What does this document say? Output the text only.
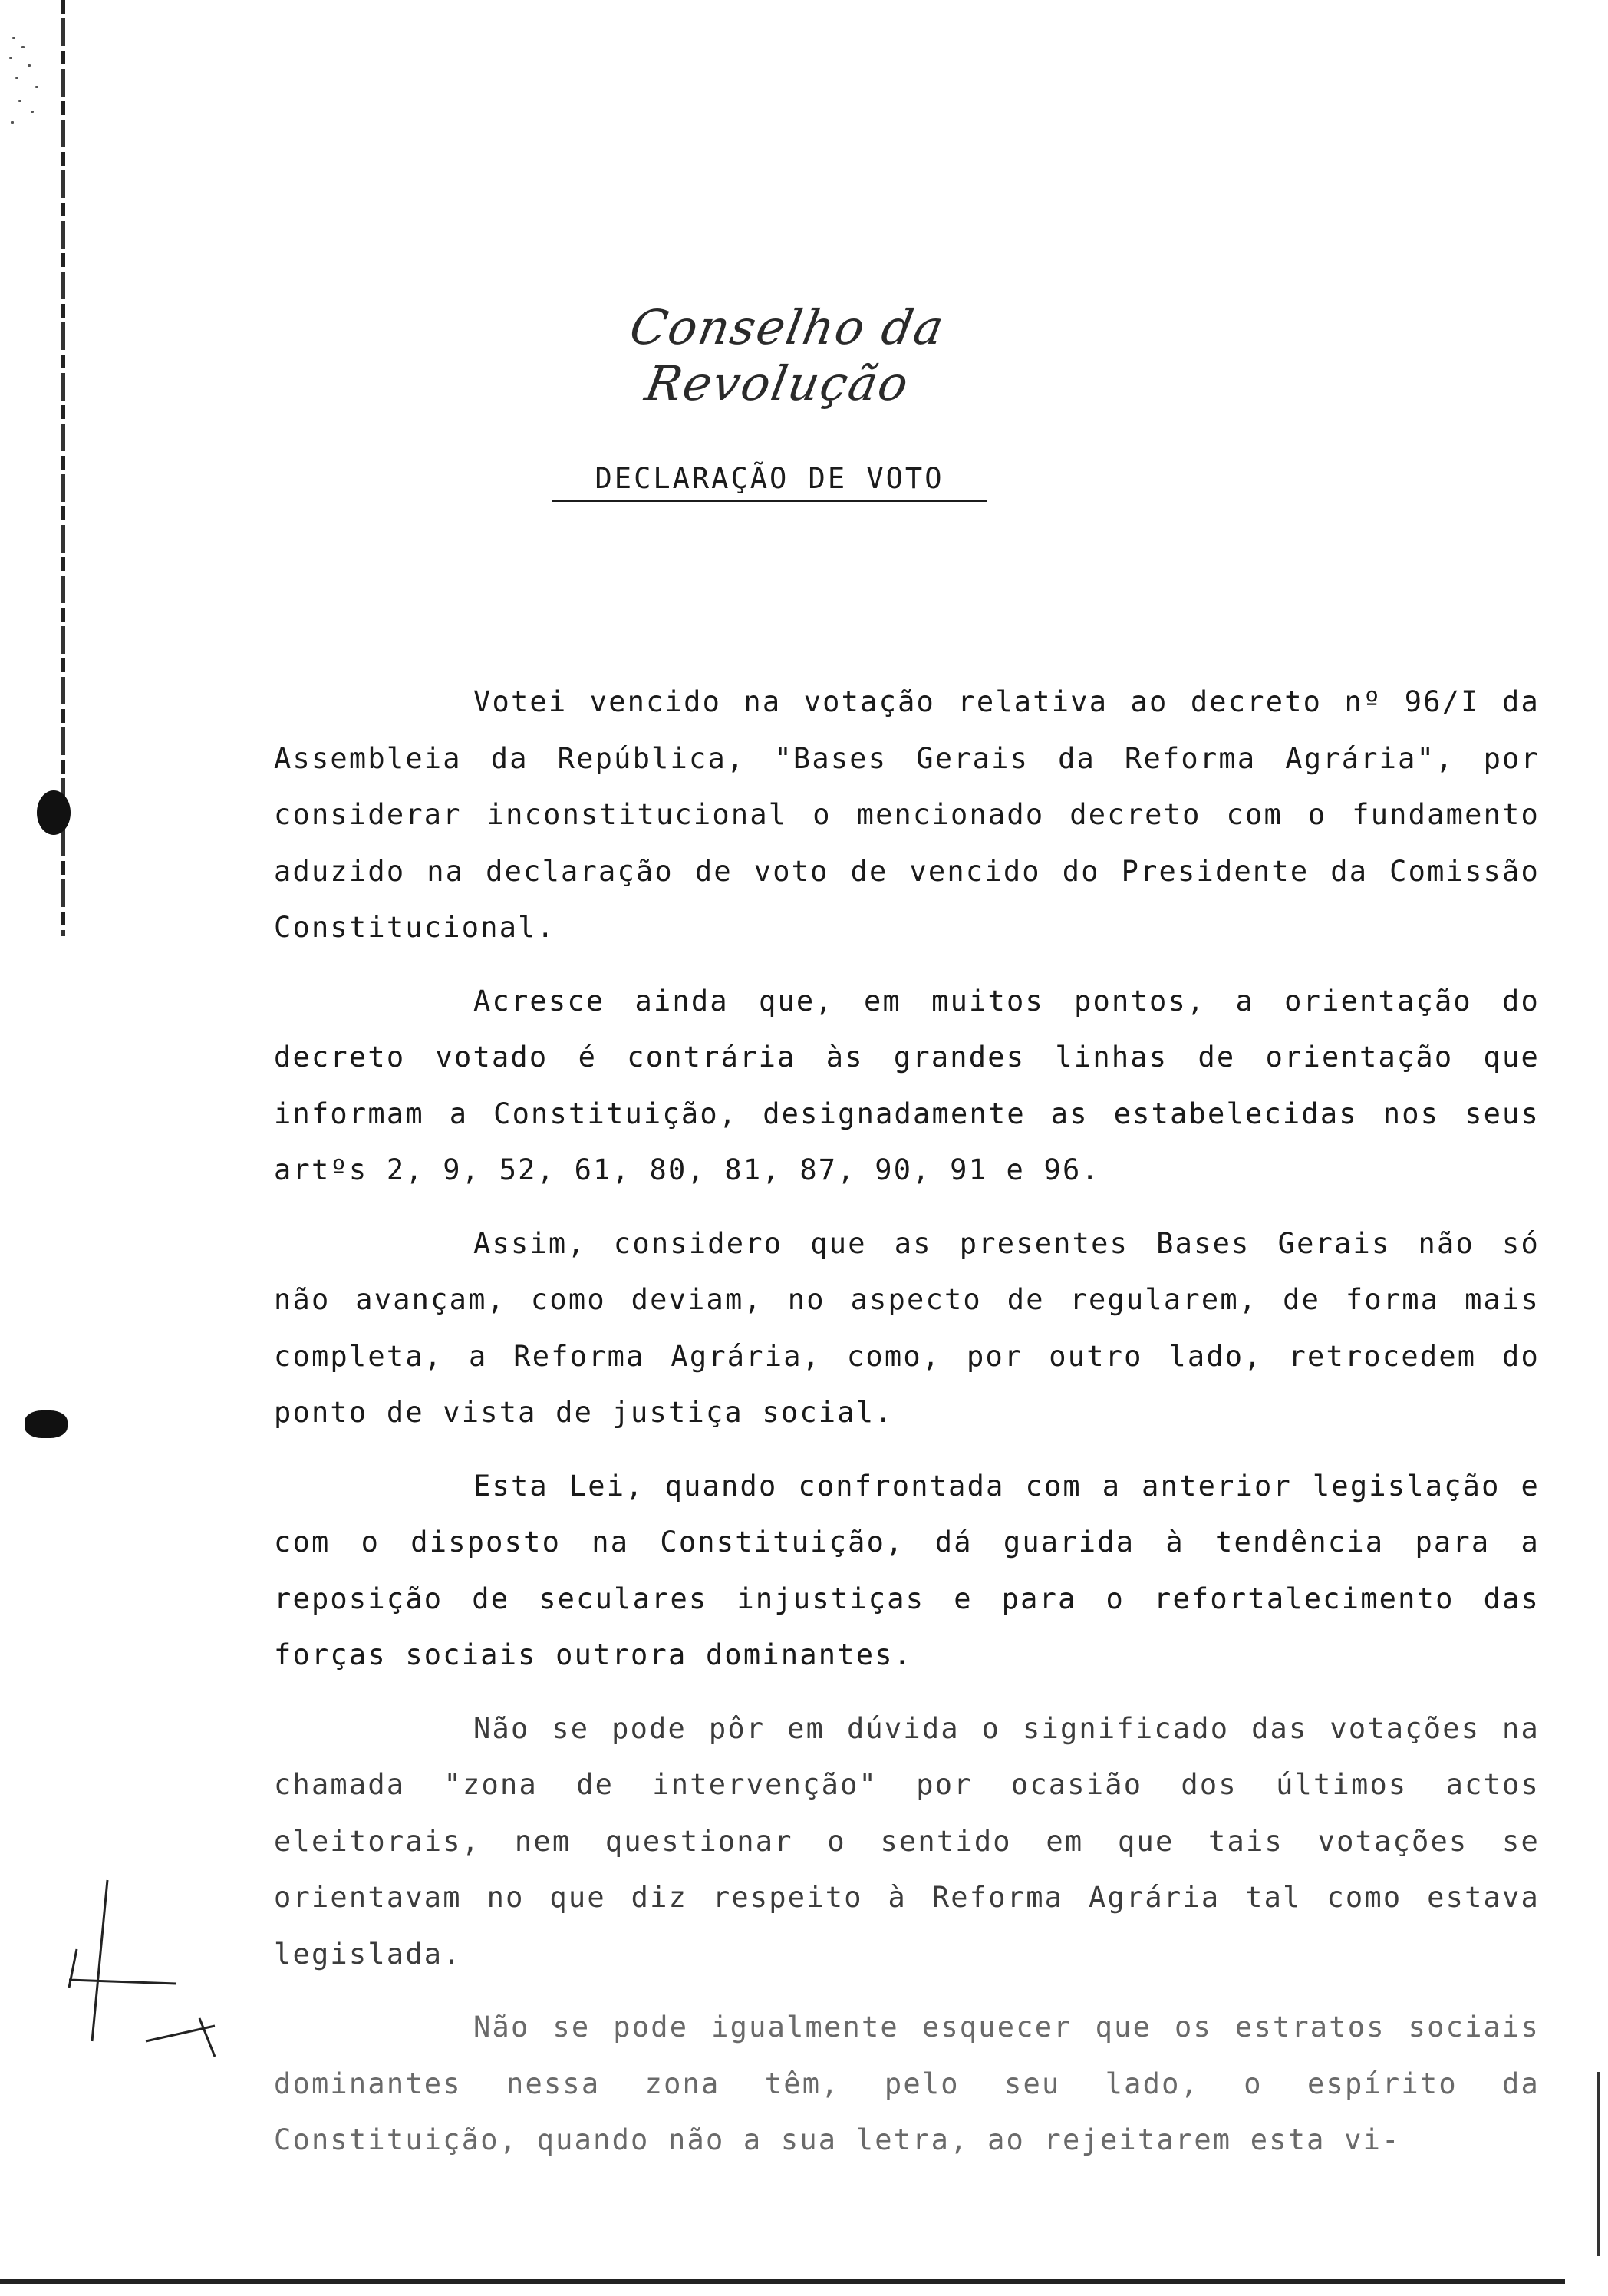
Conselho da Revolução
DECLARAÇÃO DE VOTO

Votei vencido na votação relativa ao decreto nº 96/I da Assembleia da República, "Bases Gerais da Reforma Agrária", por considerar inconstitucional o mencionado decreto com o fundamento aduzido na declaração de voto de vencido do Presidente da Comissão Constitucional.

Acresce ainda que, em muitos pontos, a orientação do decreto votado é contrária às grandes linhas de orientação que informam a Constituição, designadamente as estabelecidas nos seus artºs 2, 9, 52, 61, 80, 81, 87, 90, 91 e 96.

Assim, considero que as presentes Bases Gerais não só não avançam, como deviam, no aspecto de regularem, de forma mais completa, a Reforma Agrária, como, por outro lado, retrocedem do ponto de vista de justiça social.

Esta Lei, quando confrontada com a anterior legislação e com o disposto na Constituição, dá guarida à tendência para a reposição de seculares injustiças e para o refortalecimento das forças sociais outrora dominantes.

Não se pode pôr em dúvida o significado das votações na chamada "zona de intervenção" por ocasião dos últimos actos eleitorais, nem questionar o sentido em que tais votações se orientavam no que diz respeito à Reforma Agrária tal como estava legislada.

Não se pode igualmente esquecer que os estratos sociais dominantes nessa zona têm, pelo seu lado, o espírito da Constituição, quando não a sua letra, ao rejeitarem esta vi-
